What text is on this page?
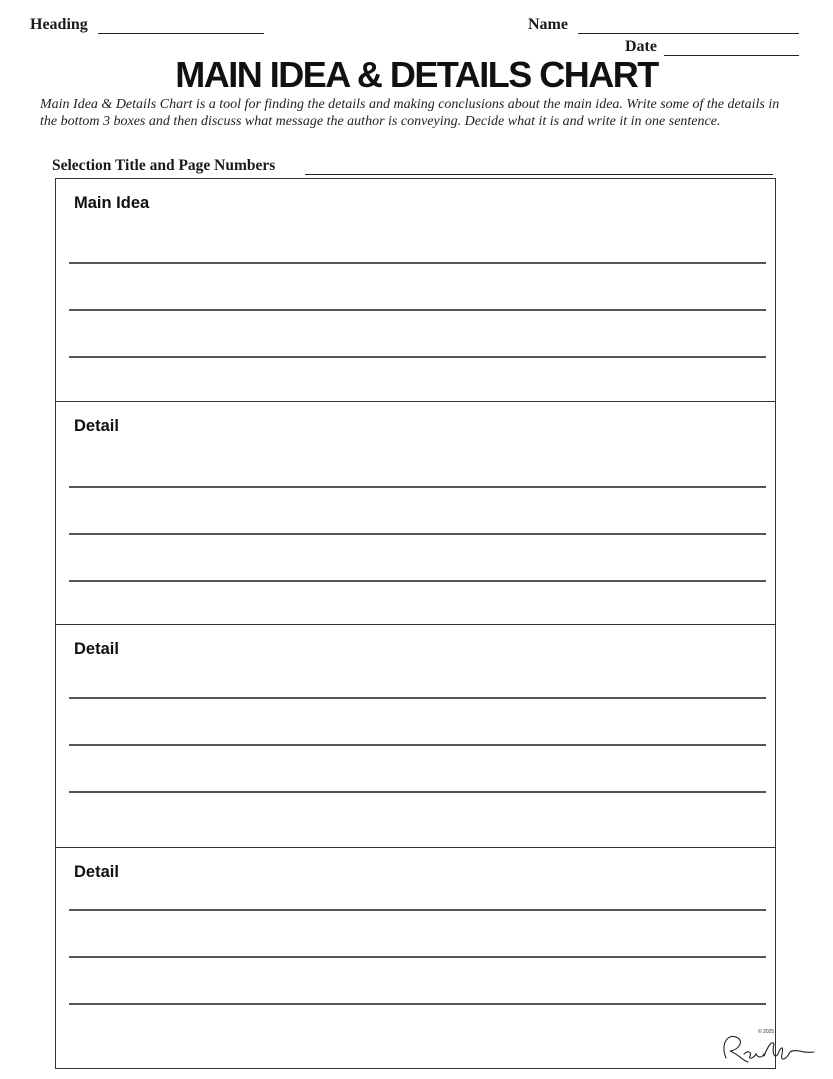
Heading	Name
Date
MAIN IDEA & DETAILS CHART
Main Idea & Details Chart is a tool for finding the details and making conclusions about the main idea. Write some of the details in the bottom 3 boxes and then discuss what message the author is conveying. Decide what it is and write it in one sentence.
Selection Title and Page Numbers
Main Idea
Detail
Detail
Detail
© 2025
